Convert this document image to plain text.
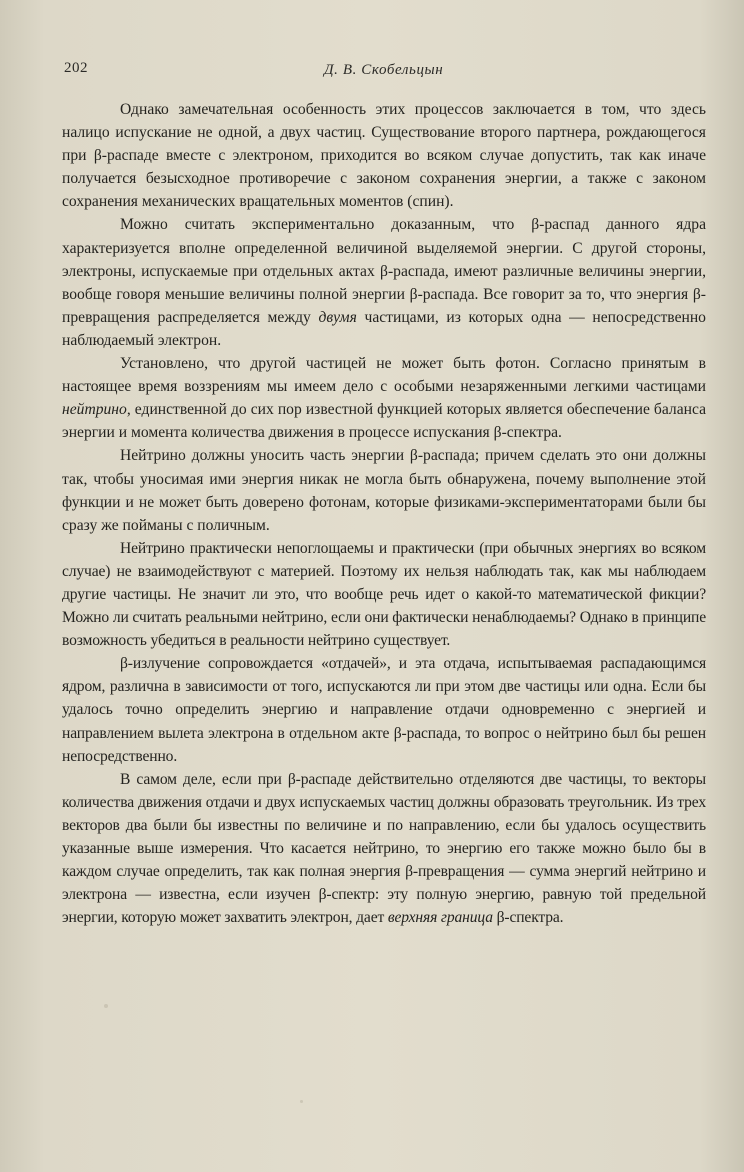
202	Д. В. Скобельцын

Однако замечательная особенность этих процессов заключается в том, что здесь налицо испускание не одной, а двух частиц. Существование второго партнера, рождающегося при β-распаде вместе с электроном, приходится во всяком случае допустить, так как иначе получается безысходное противоречие с законом сохранения энергии, а также с законом сохранения механических вращательных моментов (спин).

Можно считать экспериментально доказанным, что β-распад данного ядра характеризуется вполне определенной величиной выделяемой энергии. С другой стороны, электроны, испускаемые при отдельных актах β-распада, имеют различные величины энергии, вообще говоря меньшие величины полной энергии β-распада. Все говорит за то, что энергия β-превращения распределяется между двумя частицами, из которых одна — непосредственно наблюдаемый электрон.

Установлено, что другой частицей не может быть фотон. Согласно принятым в настоящее время воззрениям мы имеем дело с особыми незаряженными легкими частицами нейтрино, единственной до сих пор известной функцией которых является обеспечение баланса энергии и момента количества движения в процессе испускания β-спектра.

Нейтрино должны уносить часть энергии β-распада; причем сделать это они должны так, чтобы уносимая ими энергия никак не могла быть обнаружена, почему выполнение этой функции и не может быть доверено фотонам, которые физиками-экспериментаторами были бы сразу же пойманы с поличным.

Нейтрино практически непоглощаемы и практически (при обычных энергиях во всяком случае) не взаимодействуют с материей. Поэтому их нельзя наблюдать так, как мы наблюдаем другие частицы. Не значит ли это, что вообще речь идет о какой-то математической фикции? Можно ли считать реальными нейтрино, если они фактически ненаблюдаемы? Однако в принципе возможность убедиться в реальности нейтрино существует.

β-излучение сопровождается «отдачей», и эта отдача, испытываемая распадающимся ядром, различна в зависимости от того, испускаются ли при этом две частицы или одна. Если бы удалось точно определить энергию и направление отдачи одновременно с энергией и направлением вылета электрона в отдельном акте β-распада, то вопрос о нейтрино был бы решен непосредственно.

В самом деле, если при β-распаде действительно отделяются две частицы, то векторы количества движения отдачи и двух испускаемых частиц должны образовать треугольник. Из трех векторов два были бы известны по величине и по направлению, если бы удалось осуществить указанные выше измерения. Что касается нейтрино, то энергию его также можно было бы в каждом случае определить, так как полная энергия β-превращения — сумма энергий нейтрино и электрона — известна, если изучен β-спектр: эту полную энергию, равную той предельной энергии, которую может захватить электрон, дает верхняя граница β-спектра.
